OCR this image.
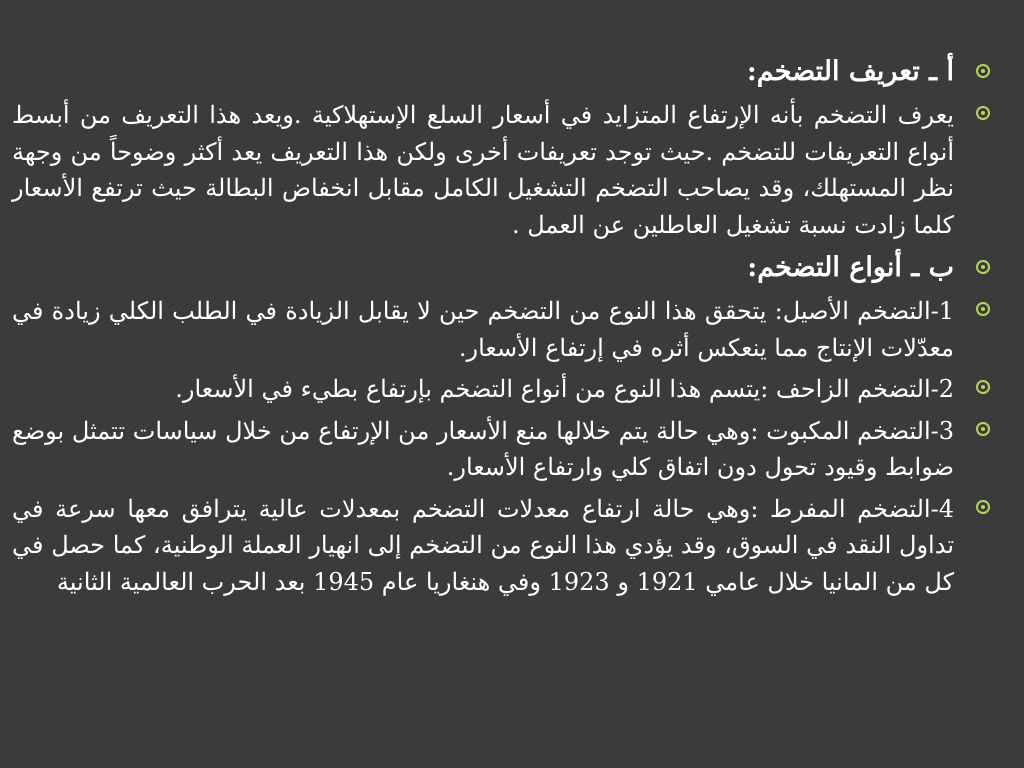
أ ـ تعريف التضخم:
يعرف التضخم بأنه الإرتفاع المتزايد في أسعار السلع الإستهلاكية .ويعد هذا التعريف من أبسط أنواع التعريفات للتضخم .حيث توجد تعريفات أخرى ولكن هذا التعريف يعد أكثر وضوحاً من وجهة نظر المستهلك، وقد يصاحب التضخم التشغيل الكامل مقابل انخفاض البطالة حيث ترتفع الأسعار كلما زادت نسبة تشغيل العاطلين عن العمل .
ب ـ أنواع التضخم:
1-التضخم الأصيل: يتحقق هذا النوع من التضخم حين لا يقابل الزيادة في الطلب الكلي زيادة في معدّلات الإنتاج مما ينعكس أثره في إرتفاع الأسعار.
2-التضخم الزاحف :يتسم هذا النوع من أنواع التضخم بإرتفاع بطيء في الأسعار.
3-التضخم المكبوت :وهي حالة يتم خلالها منع الأسعار من الإرتفاع من خلال سياسات تتمثل بوضع ضوابط وقيود تحول دون اتفاق كلي وارتفاع الأسعار.
4-التضخم المفرط :وهي حالة ارتفاع معدلات التضخم بمعدلات عالية يترافق معها سرعة في تداول النقد في السوق، وقد يؤدي هذا النوع من التضخم إلى انهيار العملة الوطنية، كما حصل في كل من المانيا خلال عامي 1921 و 1923 وفي هنغاريا عام 1945 بعد الحرب العالمية الثانية
